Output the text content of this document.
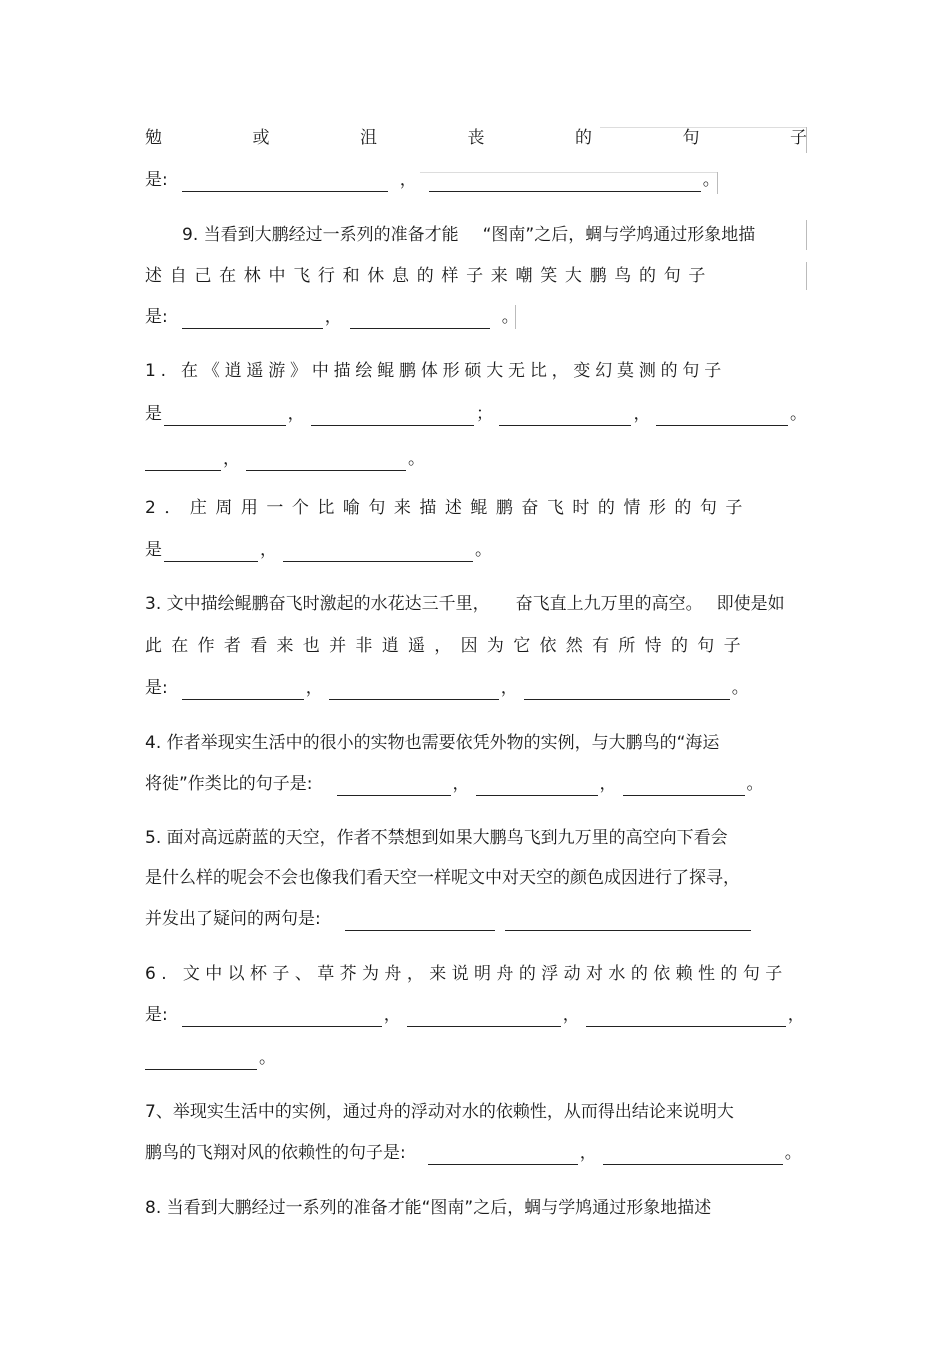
勉	或	沮	丧	的	句	子
是:	，	。
9. 当看到大鹏经过一系列的准备才能 “图南”之后，蜩与学鸠通过形象地描
述自己在林中飞行和休息的样子来嘲笑大鹏鸟的句子
是:	，	。
1. 在《逍遥游》中描绘鲲鹏体形硕大无比，变幻莫测的句子
是	，	；	，	。
，	。
2．庄周用一个比喻句来描述鲲鹏奋飞时的情形的句子
是	，	。
3. 文中描绘鲲鹏奋飞时激起的水花达三千里， 奋飞直上九万里的高空。 即使是如
此在作者看来也并非逍遥，因为它依然有所恃的句子
是:	，	，	。
4. 作者举现实生活中的很小的实物也需要依凭外物的实例，与大鹏鸟的“海运
将徙”作类比的句子是:	，	，	。
5. 面对高远蔚蓝的天空，作者不禁想到如果大鹏鸟飞到九万里的高空向下看会
是什么样的呢会不会也像我们看天空一样呢文中对天空的颜色成因进行了探寻，
并发出了疑问的两句是:
6. 文中以杯子、草芥为舟，来说明舟的浮动对水的依赖性的句子
是:	，	，	，
。
7、举现实生活中的实例，通过舟的浮动对水的依赖性，从而得出结论来说明大
鹏鸟的飞翔对风的依赖性的句子是:	，	。
8. 当看到大鹏经过一系列的准备才能“图南”之后，蜩与学鸠通过形象地描述
